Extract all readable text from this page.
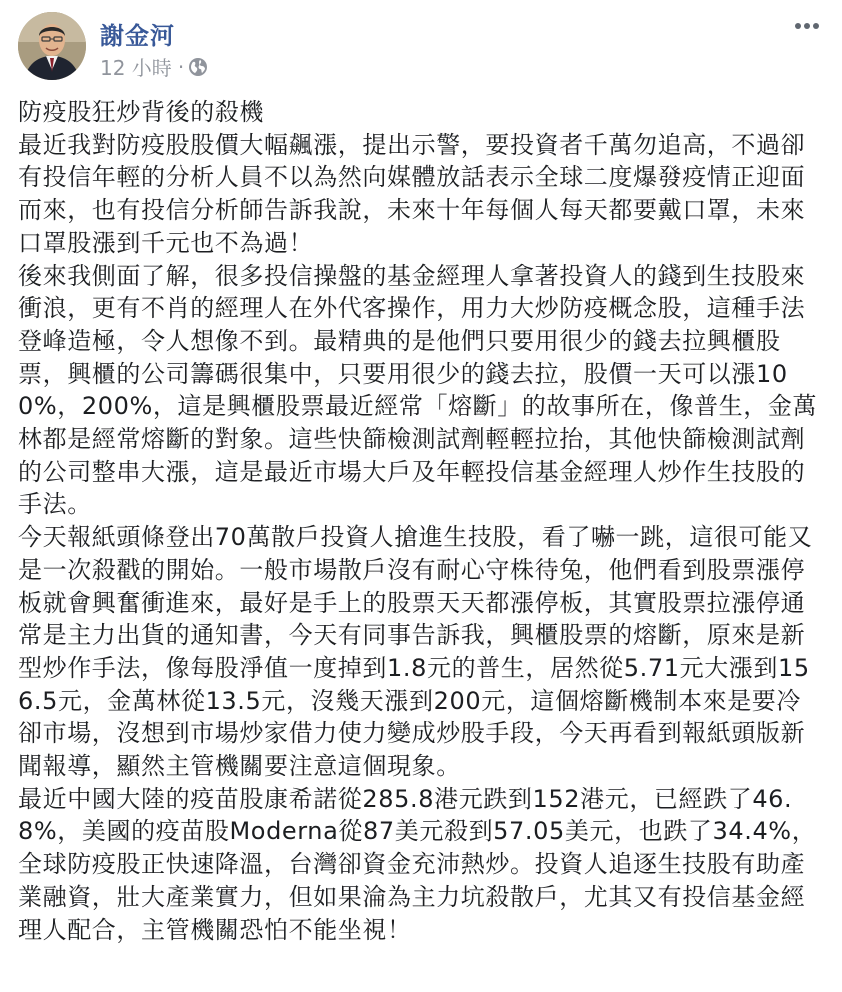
謝金河
12 小時 ·

防疫股狂炒背後的殺機

最近我對防疫股股價大幅飆漲，提出示警，要投資者千萬勿追高，不過卻有投信年輕的分析人員不以為然向媒體放話表示全球二度爆發疫情正迎面而來，也有投信分析師告訴我說，未來十年每個人每天都要戴口罩，未來口罩股漲到千元也不為過！

後來我側面了解，很多投信操盤的基金經理人拿著投資人的錢到生技股來衝浪，更有不肖的經理人在外代客操作，用力大炒防疫概念股，這種手法登峰造極，令人想像不到。最精典的是他們只要用很少的錢去拉興櫃股票，興櫃的公司籌碼很集中，只要用很少的錢去拉，股價一天可以漲100%，200%，這是興櫃股票最近經常「熔斷」的故事所在，像普生，金萬林都是經常熔斷的對象。這些快篩檢測試劑輕輕拉抬，其他快篩檢測試劑的公司整串大漲，這是最近市場大戶及年輕投信基金經理人炒作生技股的手法。

今天報紙頭條登出70萬散戶投資人搶進生技股，看了嚇一跳，這很可能又是一次殺戳的開始。一般市場散戶沒有耐心守株待兔，他們看到股票漲停板就會興奮衝進來，最好是手上的股票天天都漲停板，其實股票拉漲停通常是主力出貨的通知書，今天有同事告訴我，興櫃股票的熔斷，原來是新型炒作手法，像每股淨值一度掉到1.8元的普生，居然從5.71元大漲到156.5元，金萬林從13.5元，沒幾天漲到200元，這個熔斷機制本來是要冷卻市場，沒想到市場炒家借力使力變成炒股手段，今天再看到報紙頭版新聞報導，顯然主管機關要注意這個現象。

最近中國大陸的疫苗股康希諾從285.8港元跌到152港元，已經跌了46.8%，美國的疫苗股Moderna從87美元殺到57.05美元，也跌了34.4%，全球防疫股正快速降溫，台灣卻資金充沛熱炒。投資人追逐生技股有助產業融資，壯大產業實力，但如果淪為主力坑殺散戶，尤其又有投信基金經理人配合，主管機關恐怕不能坐視！
